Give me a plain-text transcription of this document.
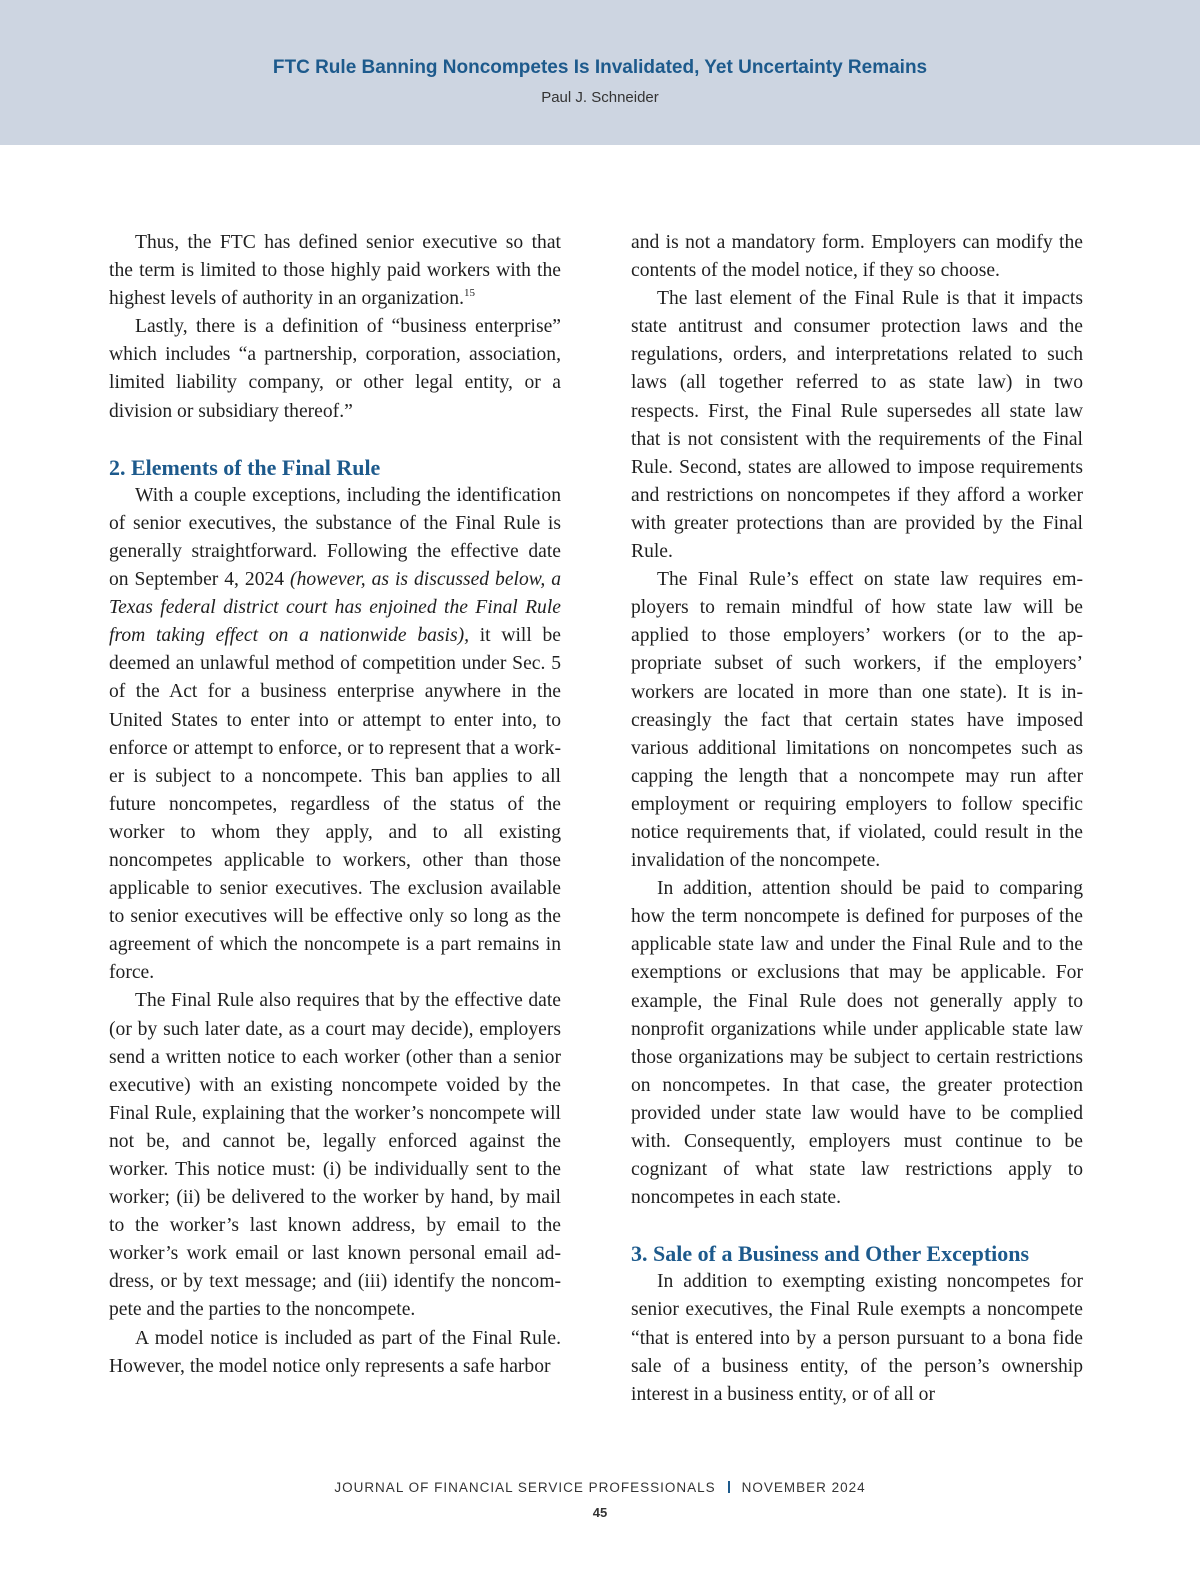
FTC Rule Banning Noncompetes Is Invalidated, Yet Uncertainty Remains
Paul J. Schneider

Thus, the FTC has defined senior executive so that the term is limited to those highly paid workers with the highest levels of authority in an organization.$^{15}$

Lastly, there is a definition of “business enterprise” which includes “a partnership, corporation, association, limited liability company, or other legal entity, or a division or subsidiary thereof.”

2. Elements of the Final Rule

With a couple exceptions, including the identification of senior executives, the substance of the Final Rule is generally straightforward. Following the effective date on September 4, 2024 (however, as is discussed below, a Texas federal district court has enjoined the Final Rule from taking effect on a nationwide basis), it will be deemed an unlawful method of competition under Sec. 5 of the Act for a business enterprise anywhere in the United States to enter into or attempt to enter into, to enforce or attempt to enforce, or to represent that a worker is subject to a noncompete. This ban applies to all future noncompetes, regardless of the status of the worker to whom they apply, and to all existing noncompetes applicable to workers, other than those applicable to senior executives. The exclusion available to senior executives will be effective only so long as the agreement of which the noncompete is a part remains in force.

The Final Rule also requires that by the effective date (or by such later date, as a court may decide), employers send a written notice to each worker (other than a senior executive) with an existing noncompete voided by the Final Rule, explaining that the worker’s noncompete will not be, and cannot be, legally enforced against the worker. This notice must: (i) be individually sent to the worker; (ii) be delivered to the worker by hand, by mail to the worker’s last known address, by email to the worker’s work email or last known personal email address, or by text message; and (iii) identify the noncompete and the parties to the noncompete.

A model notice is included as part of the Final Rule. However, the model notice only represents a safe harbor

and is not a mandatory form. Employers can modify the contents of the model notice, if they so choose.

The last element of the Final Rule is that it impacts state antitrust and consumer protection laws and the regulations, orders, and interpretations related to such laws (all together referred to as state law) in two respects. First, the Final Rule supersedes all state law that is not consistent with the requirements of the Final Rule. Second, states are allowed to impose requirements and restrictions on noncompetes if they afford a worker with greater protections than are provided by the Final Rule.

The Final Rule’s effect on state law requires employers to remain mindful of how state law will be applied to those employers’ workers (or to the appropriate subset of such workers, if the employers’ workers are located in more than one state). It is increasingly the fact that certain states have imposed various additional limitations on noncompetes such as capping the length that a noncompete may run after employment or requiring employers to follow specific notice requirements that, if violated, could result in the invalidation of the noncompete.

In addition, attention should be paid to comparing how the term noncompete is defined for purposes of the applicable state law and under the Final Rule and to the exemptions or exclusions that may be applicable. For example, the Final Rule does not generally apply to nonprofit organizations while under applicable state law those organizations may be subject to certain restrictions on noncompetes. In that case, the greater protection provided under state law would have to be complied with. Consequently, employers must continue to be cognizant of what state law restrictions apply to noncompetes in each state.

3. Sale of a Business and Other Exceptions

In addition to exempting existing noncompetes for senior executives, the Final Rule exempts a noncompete “that is entered into by a person pursuant to a bona fide sale of a business entity, of the person’s ownership interest in a business entity, or of all or

JOURNAL OF FINANCIAL SERVICE PROFESSIONALS NOVEMBER 2024
45
